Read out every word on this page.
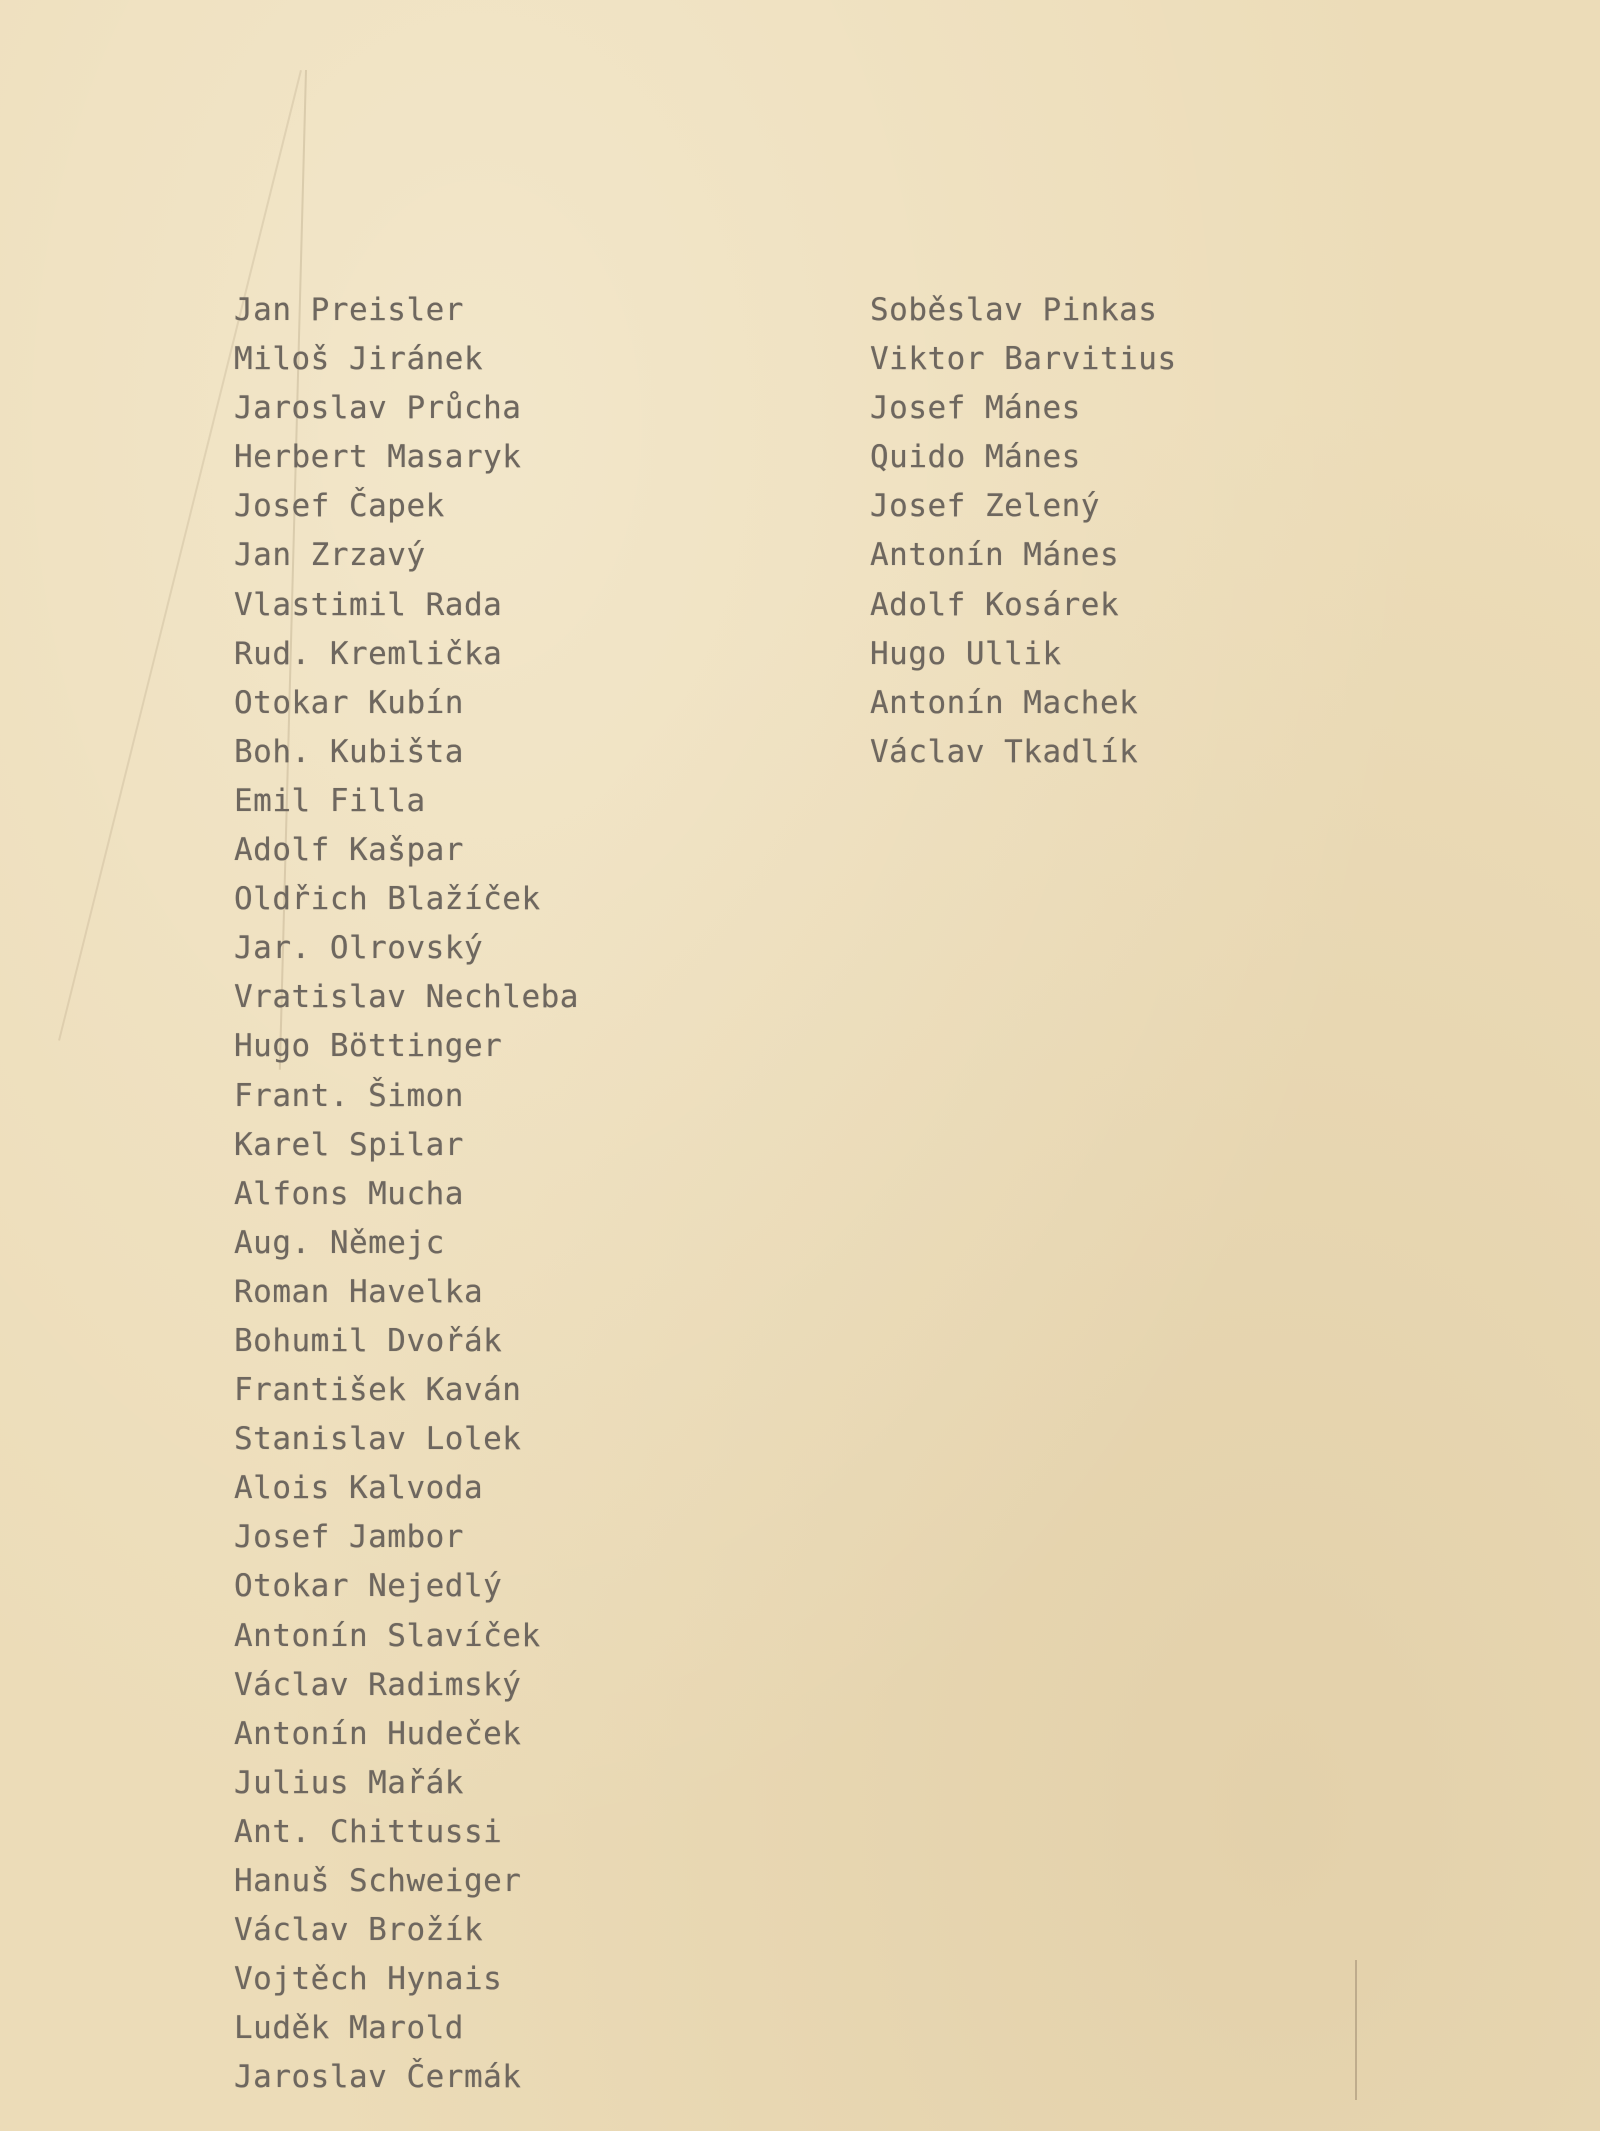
Jan Preisler
Miloš Jiránek
Jaroslav Průcha
Herbert Masaryk
Josef Čapek
Jan Zrzavý
Vlastimil Rada
Rud. Kremlička
Otokar Kubín
Boh. Kubišta
Emil Filla
Adolf Kašpar
Oldřich Blažíček
Jar. Olrovský
Vratislav Nechleba
Hugo Böttinger
Frant. Šimon
Karel Spilar
Alfons Mucha
Aug. Němejc
Roman Havelka
Bohumil Dvořák
František Kaván
Stanislav Lolek
Alois Kalvoda
Josef Jambor
Otokar Nejedlý
Antonín Slavíček
Václav Radimský
Antonín Hudeček
Julius Mařák
Ant. Chittussi
Hanuš Schweiger
Václav Brožík
Vojtěch Hynais
Luděk Marold
Jaroslav Čermák
Soběslav Pinkas
Viktor Barvitius
Josef Mánes
Quido Mánes
Josef Zelený
Antonín Mánes
Adolf Kosárek
Hugo Ullik
Antonín Machek
Václav Tkadlík
